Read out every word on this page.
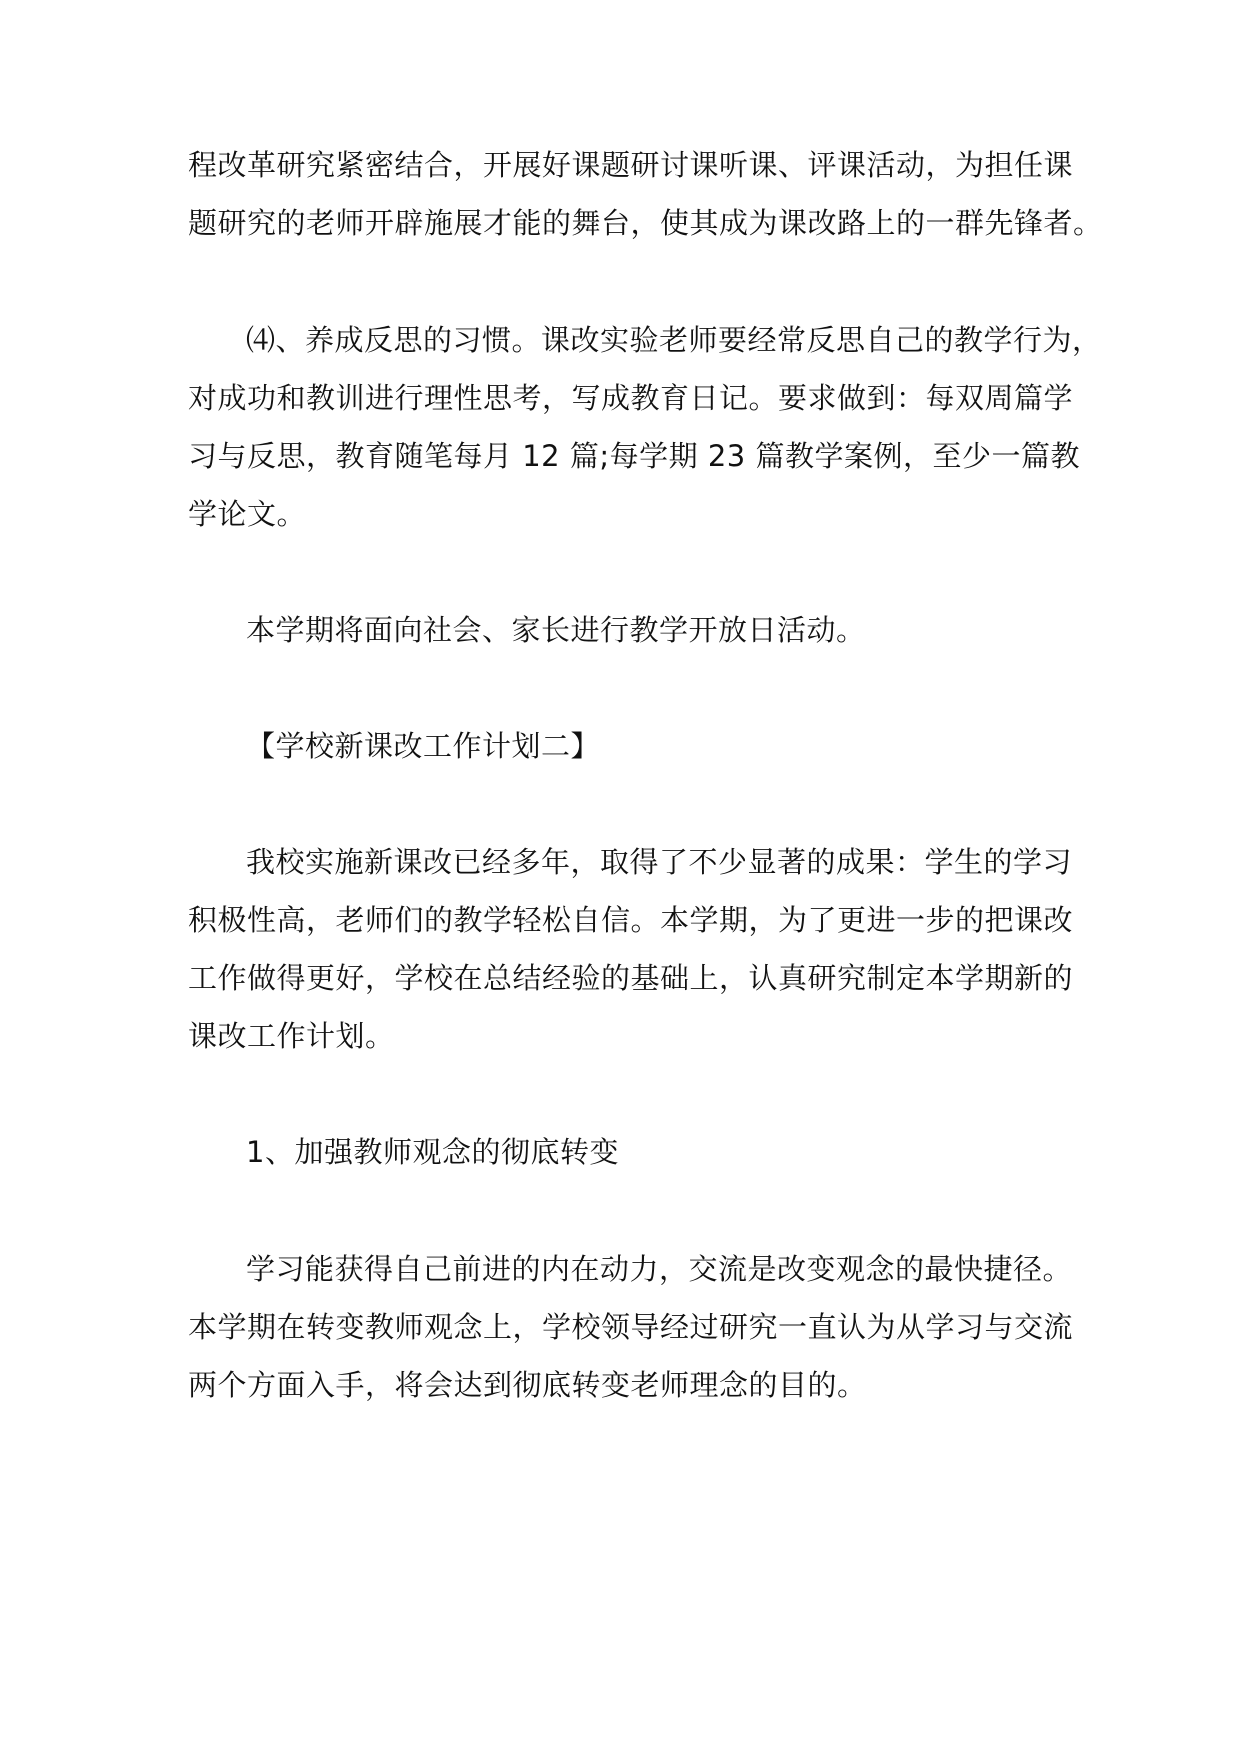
程改革研究紧密结合，开展好课题研讨课听课、评课活动，为担任课
题研究的老师开辟施展才能的舞台，使其成为课改路上的一群先锋者。
⑷、养成反思的习惯。课改实验老师要经常反思自己的教学行为，
对成功和教训进行理性思考，写成教育日记。要求做到：每双周篇学
习与反思，教育随笔每月 12 篇;每学期 23 篇教学案例，至少一篇教
学论文。
本学期将面向社会、家长进行教学开放日活动。
【学校新课改工作计划二】
我校实施新课改已经多年，取得了不少显著的成果：学生的学习
积极性高，老师们的教学轻松自信。本学期，为了更进一步的把课改
工作做得更好，学校在总结经验的基础上，认真研究制定本学期新的
课改工作计划。
1、加强教师观念的彻底转变
学习能获得自己前进的内在动力，交流是改变观念的最快捷径。
本学期在转变教师观念上，学校领导经过研究一直认为从学习与交流
两个方面入手，将会达到彻底转变老师理念的目的。
